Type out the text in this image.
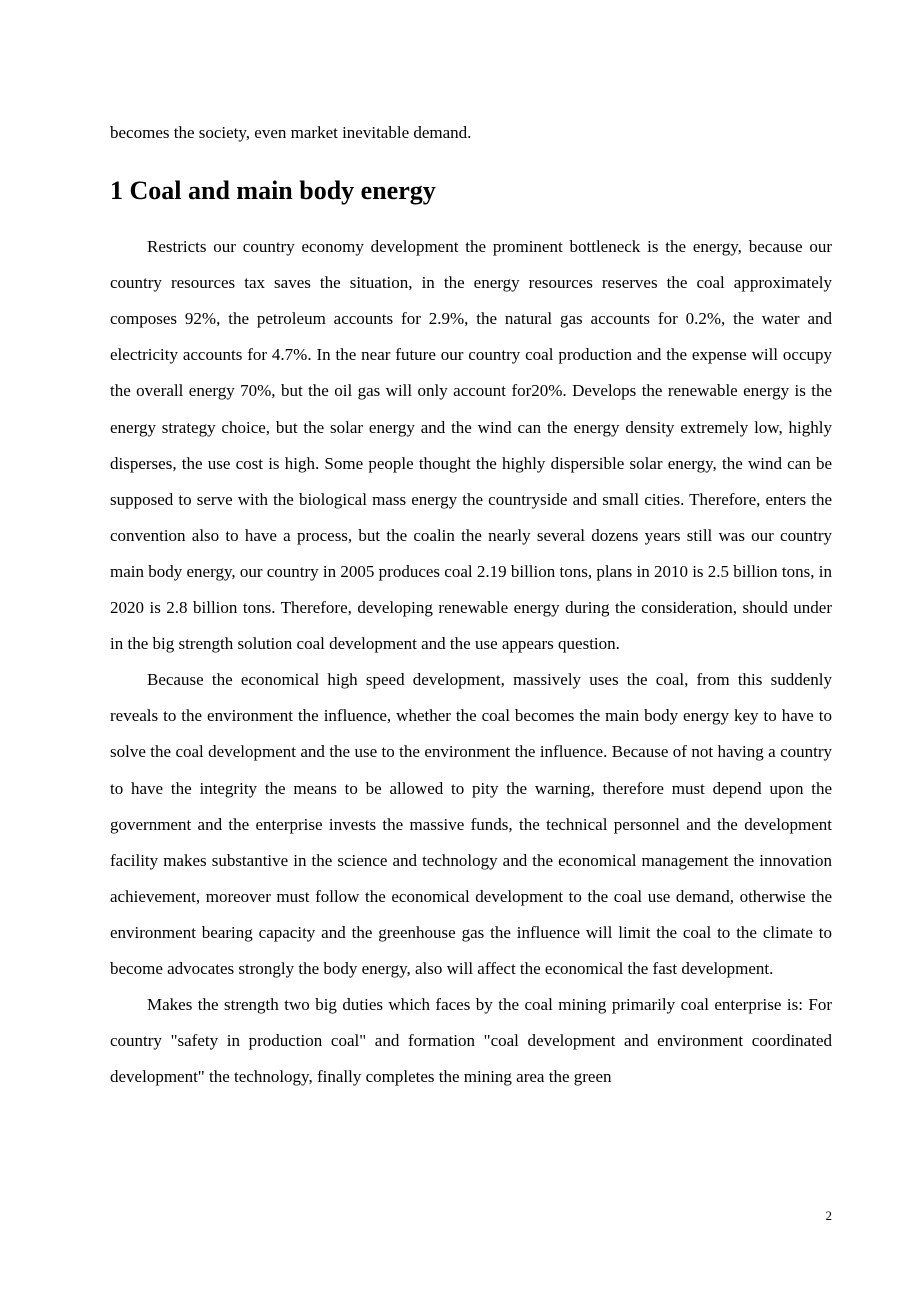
becomes the society, even market inevitable demand.

1 Coal and main body energy

Restricts our country economy development the prominent bottleneck is the energy, because our country resources tax saves the situation, in the energy resources reserves the coal approximately composes 92%, the petroleum accounts for 2.9%, the natural gas accounts for 0.2%, the water and electricity accounts for 4.7%. In the near future our country coal production and the expense will occupy the overall energy 70%, but the oil gas will only account for20%. Develops the renewable energy is the energy strategy choice, but the solar energy and the wind can the energy density extremely low, highly disperses, the use cost is high. Some people thought the highly dispersible solar energy, the wind can be supposed to serve with the biological mass energy the countryside and small cities. Therefore, enters the convention also to have a process, but the coalin the nearly several dozens years still was our country main body energy, our country in 2005 produces coal 2.19 billion tons, plans in 2010 is 2.5 billion tons, in 2020 is 2.8 billion tons. Therefore, developing renewable energy during the consideration, should under in the big strength solution coal development and the use appears question.

Because the economical high speed development, massively uses the coal, from this suddenly reveals to the environment the influence, whether the coal becomes the main body energy key to have to solve the coal development and the use to the environment the influence. Because of not having a country to have the integrity the means to be allowed to pity the warning, therefore must depend upon the government and the enterprise invests the massive funds, the technical personnel and the development facility makes substantive in the science and technology and the economical management the innovation achievement, moreover must follow the economical development to the coal use demand, otherwise the environment bearing capacity and the greenhouse gas the influence will limit the coal to the climate to become advocates strongly the body energy, also will affect the economical the fast development.

Makes the strength two big duties which faces by the coal mining primarily coal enterprise is: For country "safety in production coal" and formation "coal development and environment coordinated development" the technology, finally completes the mining area the green

2
